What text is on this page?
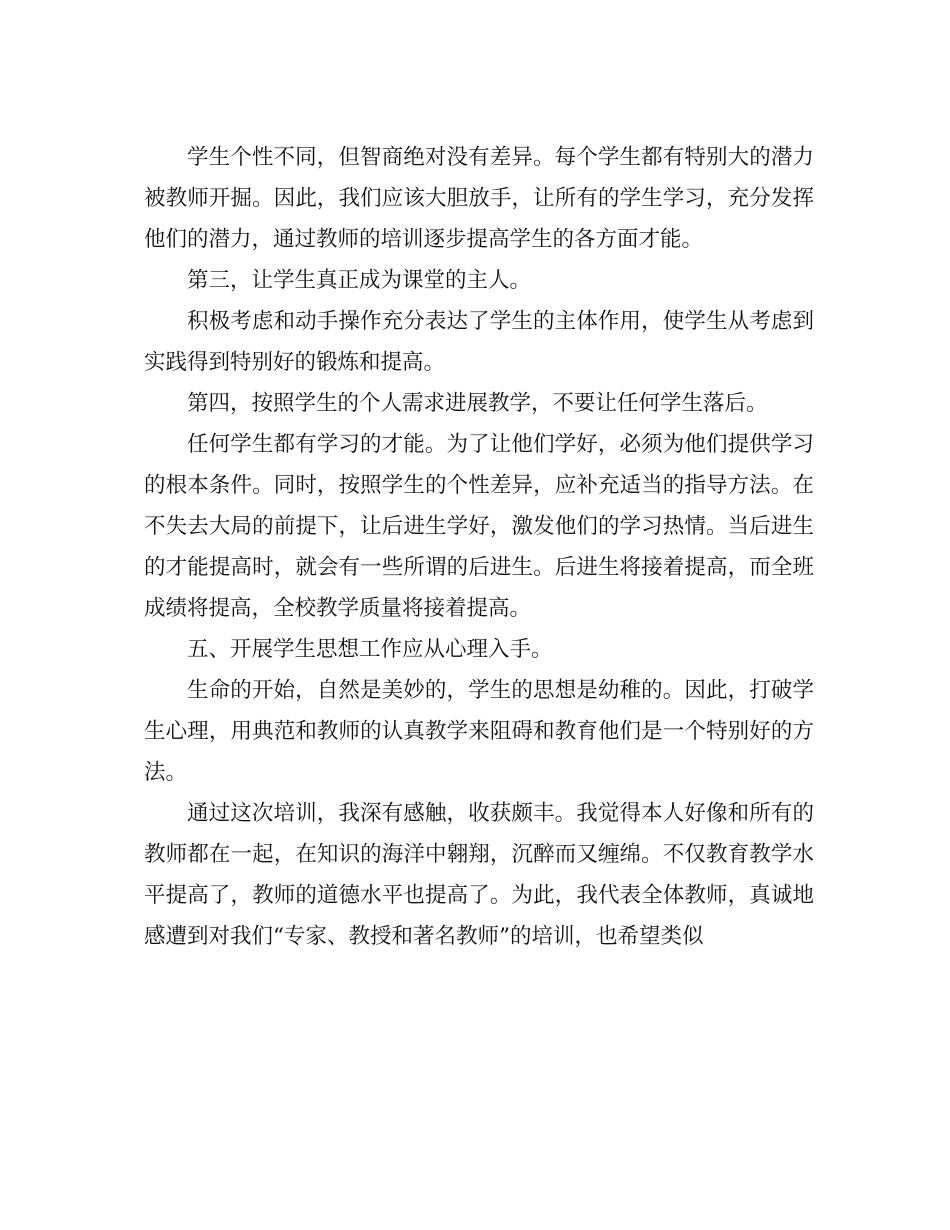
学生个性不同，但智商绝对没有差异。每个学生都有特别大的潜力被教师开掘。因此，我们应该大胆放手，让所有的学生学习，充分发挥他们的潜力，通过教师的培训逐步提高学生的各方面才能。

第三，让学生真正成为课堂的主人。

积极考虑和动手操作充分表达了学生的主体作用，使学生从考虑到实践得到特别好的锻炼和提高。

第四，按照学生的个人需求进展教学，不要让任何学生落后。

任何学生都有学习的才能。为了让他们学好，必须为他们提供学习的根本条件。同时，按照学生的个性差异，应补充适当的指导方法。在不失去大局的前提下，让后进生学好，激发他们的学习热情。当后进生的才能提高时，就会有一些所谓的后进生。后进生将接着提高，而全班成绩将提高，全校教学质量将接着提高。

五、开展学生思想工作应从心理入手。

生命的开始，自然是美妙的，学生的思想是幼稚的。因此，打破学生心理，用典范和教师的认真教学来阻碍和教育他们是一个特别好的方法。

通过这次培训，我深有感触，收获颇丰。我觉得本人好像和所有的教师都在一起，在知识的海洋中翱翔，沉醉而又缠绵。不仅教育教学水平提高了，教师的道德水平也提高了。为此，我代表全体教师，真诚地感遭到对我们“专家、教授和著名教师”的培训，也希望类似
